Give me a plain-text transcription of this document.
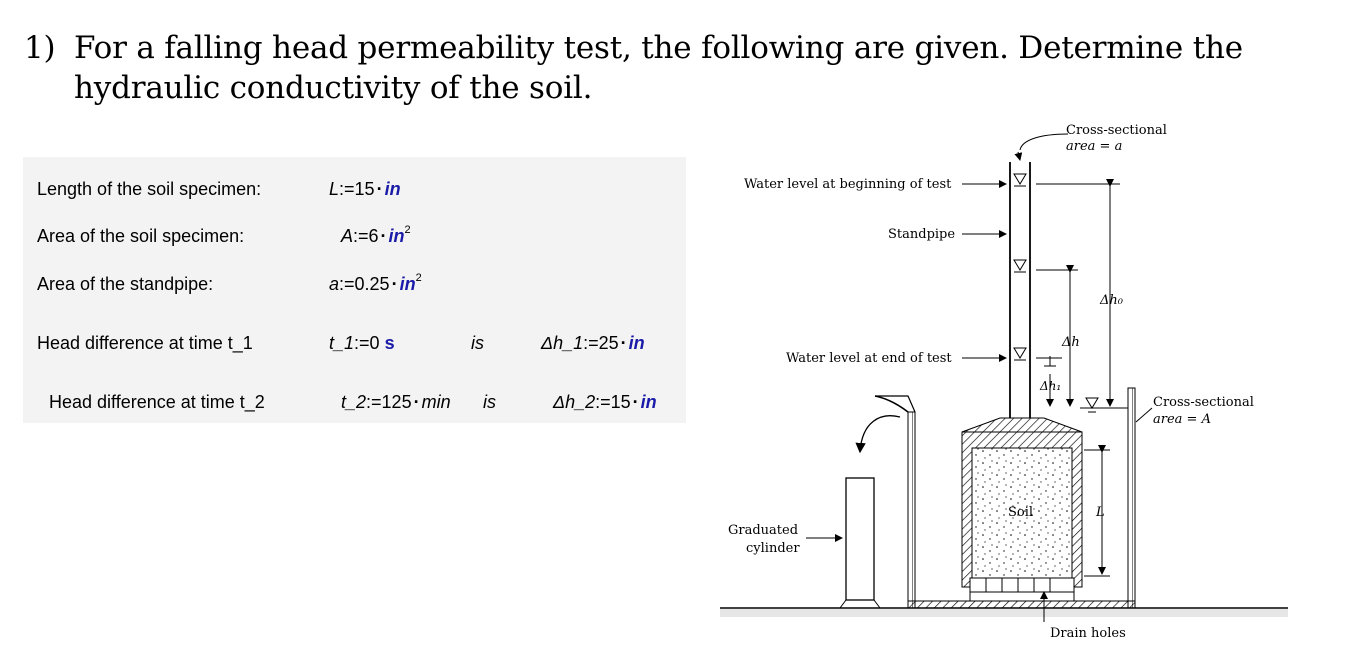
1) For a falling head permeability test, the following are given. Determine the hydraulic conductivity of the soil.
Length of the soil specimen:	L:=15 · in
Area of the soil specimen:	A:=6 · $in^2$
Area of the standpipe:	a:=0.25 · $in^2$
Head difference at time t_1	t_1:=0 s	is	Δh_1:=25 · in
Head difference at time t_2	t_2:=125 · min is	Δh_2:=15 · in
Soil
Water level at beginning of test
Standpipe
Water level at end of test
Cross-sectional
area = a
Cross-sectional
area = A
Δh₀
Δh
Δh₁
L
Graduated
cylinder
Drain holes
